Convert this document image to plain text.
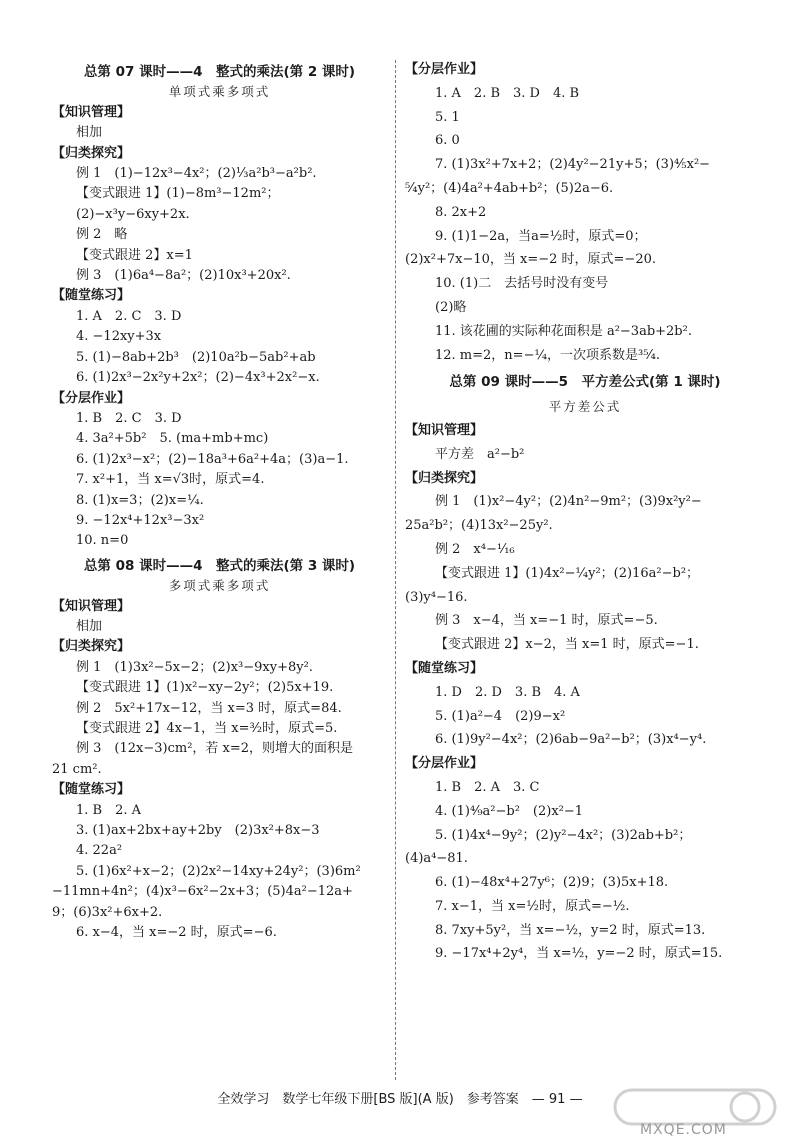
总第 07 课时——4　整式的乘法(第 2 课时)
单项式乘多项式
【知识管理】
相加
【归类探究】
例 1　(1)−12x³−4x²；(2)⅓a²b³−a²b².
【变式跟进 1】(1)−8m³−12m²；
(2)−x³y−6xy+2x.
例 2　略
【变式跟进 2】x=1
例 3　(1)6a⁴−8a²；(2)10x³+20x².
【随堂练习】
1. A　2. C　3. D
4. −12xy+3x
5. (1)−8ab+2b³　(2)10a²b−5ab²+ab
6. (1)2x³−2x²y+2x²；(2)−4x³+2x²−x.
【分层作业】
1. B　2. C　3. D
4. 3a²+5b²　5. (ma+mb+mc)
6. (1)2x³−x²；(2)−18a³+6a²+4a；(3)a−1.
7. x²+1，当 x=√3时，原式=4.
8. (1)x=3；(2)x=¼.
9. −12x⁴+12x³−3x²
10. n=0
总第 08 课时——4　整式的乘法(第 3 课时)
多项式乘多项式
【知识管理】
相加
【归类探究】
例 1　(1)3x²−5x−2；(2)x³−9xy+8y².
【变式跟进 1】(1)x²−xy−2y²；(2)5x+19.
例 2　5x²+17x−12，当 x=3 时，原式=84.
【变式跟进 2】4x−1，当 x=³⁄₂时，原式=5.
例 3　(12x−3)cm²，若 x=2，则增大的面积是
21 cm².
【随堂练习】
1. B　2. A
3. (1)ax+2bx+ay+2by　(2)3x²+8x−3
4. 22a²
5. (1)6x²+x−2；(2)2x²−14xy+24y²；(3)6m²
−11mn+4n²；(4)x³−6x²−2x+3；(5)4a²−12a+
9；(6)3x²+6x+2.
6. x−4，当 x=−2 时，原式=−6.
【分层作业】
1. A　2. B　3. D　4. B
5. 1
6. 0
7. (1)3x²+7x+2；(2)4y²−21y+5；(3)⁴⁄₅x²−
⁵⁄₄y²；(4)4a²+4ab+b²；(5)2a−6.
8. 2x+2
9. (1)1−2a，当a=½时，原式=0；
(2)x²+7x−10，当 x=−2 时，原式=−20.
10. (1)二　去括号时没有变号
(2)略
11. 该花圃的实际种花面积是 a²−3ab+2b².
12. m=2，n=−¼，一次项系数是³⁵⁄₄.
总第 09 课时——5　平方差公式(第 1 课时)
平方差公式
【知识管理】
平方差　a²−b²
【归类探究】
例 1　(1)x²−4y²；(2)4n²−9m²；(3)9x²y²−
25a²b²；(4)13x²−25y².
例 2　x⁴−¹⁄₁₆
【变式跟进 1】(1)4x²−¼y²；(2)16a²−b²；
(3)y⁴−16.
例 3　x−4，当 x=−1 时，原式=−5.
【变式跟进 2】x−2，当 x=1 时，原式=−1.
【随堂练习】
1. D　2. D　3. B　4. A
5. (1)a²−4　(2)9−x²
6. (1)9y²−4x²；(2)6ab−9a²−b²；(3)x⁴−y⁴.
【分层作业】
1. B　2. A　3. C
4. (1)⁴⁄₉a²−b²　(2)x²−1
5. (1)4x⁴−9y²；(2)y²−4x²；(3)2ab+b²；
(4)a⁴−81.
6. (1)−48x⁴+27y⁶；(2)9；(3)5x+18.
7. x−1，当 x=½时，原式=−½.
8. 7xy+5y²，当 x=−½，y=2 时，原式=13.
9. −17x⁴+2y⁴，当 x=½，y=−2 时，原式=15.
全效学习　数学七年级下册[BS 版](A 版)　参考答案　— 91 —
MXQE.COM
